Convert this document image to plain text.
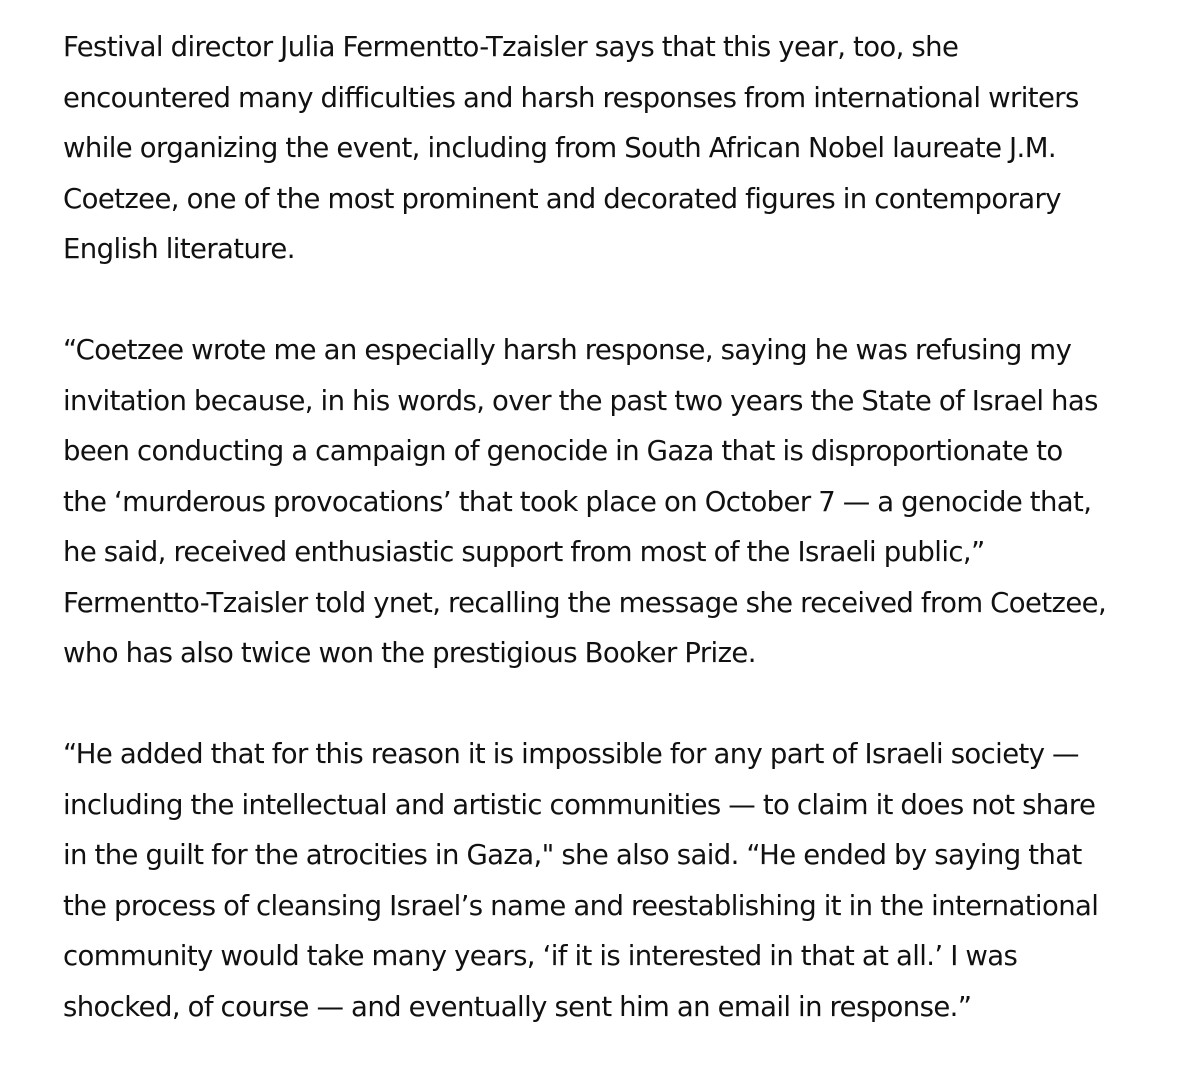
Festival director Julia Fermentto-Tzaisler says that this year, too, she
encountered many difficulties and harsh responses from international writers
while organizing the event, including from South African Nobel laureate J.M.
Coetzee, one of the most prominent and decorated figures in contemporary
English literature.

“Coetzee wrote me an especially harsh response, saying he was refusing my
invitation because, in his words, over the past two years the State of Israel has
been conducting a campaign of genocide in Gaza that is disproportionate to
the ‘murderous provocations’ that took place on October 7 — a genocide that,
he said, received enthusiastic support from most of the Israeli public,”
Fermentto-Tzaisler told ynet, recalling the message she received from Coetzee,
who has also twice won the prestigious Booker Prize.

“He added that for this reason it is impossible for any part of Israeli society —
including the intellectual and artistic communities — to claim it does not share
in the guilt for the atrocities in Gaza," she also said. “He ended by saying that
the process of cleansing Israel’s name and reestablishing it in the international
community would take many years, ‘if it is interested in that at all.’ I was
shocked, of course — and eventually sent him an email in response.”
